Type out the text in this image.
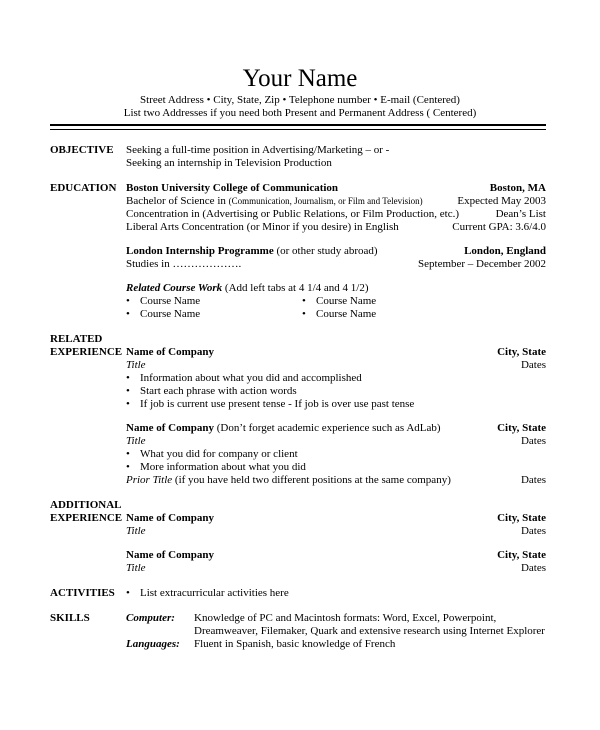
Your Name
Street Address • City, State, Zip • Telephone number • E-mail (Centered)
List two Addresses if you need both Present and Permanent Address ( Centered)
OBJECTIVE Seeking a full-time position in Advertising/Marketing – or -
Seeking an internship in Television Production
EDUCATION Boston University College of Communication	Boston, MA
Bachelor of Science in (Communication, Journalism, or Film and Television)	Expected May 2003
Concentration in (Advertising or Public Relations, or Film Production, etc.)	Dean’s List
Liberal Arts Concentration (or Minor if you desire) in English	Current GPA: 3.6/4.0
London Internship Programme (or other study abroad)	London, England
Studies in ……………….	September – December 2002
Related Course Work (Add left tabs at 4 1/4 and 4 1/2)
• Course Name	• Course Name
• Course Name	• Course Name
RELATED
EXPERIENCE Name of Company	City, State
Title	Dates
• Information about what you did and accomplished
• Start each phrase with action words
• If job is current use present tense - If job is over use past tense
Name of Company (Don’t forget academic experience such as AdLab)	City, State
Title	Dates
• What you did for company or client
• More information about what you did
Prior Title (if you have held two different positions at the same company)	Dates
ADDITIONAL
EXPERIENCE Name of Company	City, State
Title	Dates
Name of Company	City, State
Title	Dates
ACTIVITIES • List extracurricular activities here
SKILLS	Computer: Knowledge of PC and Macintosh formats: Word, Excel, Powerpoint,
Dreamweaver, Filemaker, Quark and extensive research using Internet Explorer
Languages: Fluent in Spanish, basic knowledge of French
